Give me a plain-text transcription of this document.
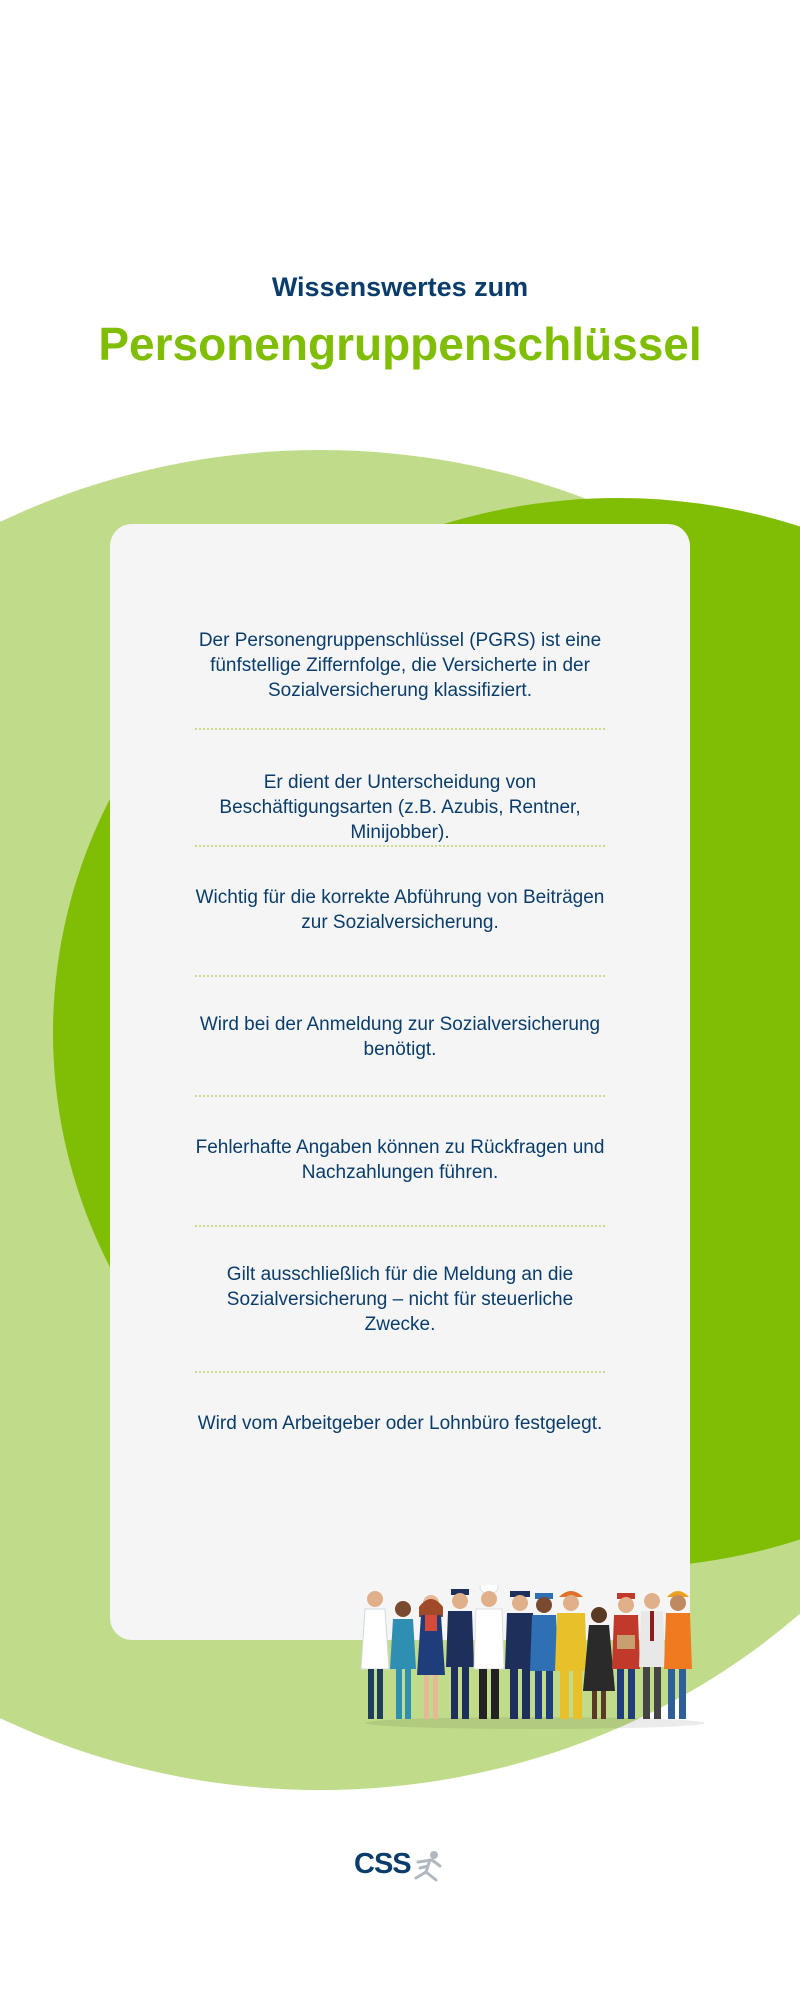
Wissenswertes zum
Personengruppenschlüssel
Der Personengruppenschlüssel (PGRS) ist eine fünfstellige Ziffernfolge, die Versicherte in der Sozialversicherung klassifiziert.
Er dient der Unterscheidung von Beschäftigungsarten (z.B. Azubis, Rentner, Minijobber).
Wichtig für die korrekte Abführung von Beiträgen zur Sozialversicherung.
Wird bei der Anmeldung zur Sozialversicherung benötigt.
Fehlerhafte Angaben können zu Rückfragen und Nachzahlungen führen.
Gilt ausschließlich für die Meldung an die Sozialversicherung – nicht für steuerliche Zwecke.
Wird vom Arbeitgeber oder Lohnbüro festgelegt.
CSS
